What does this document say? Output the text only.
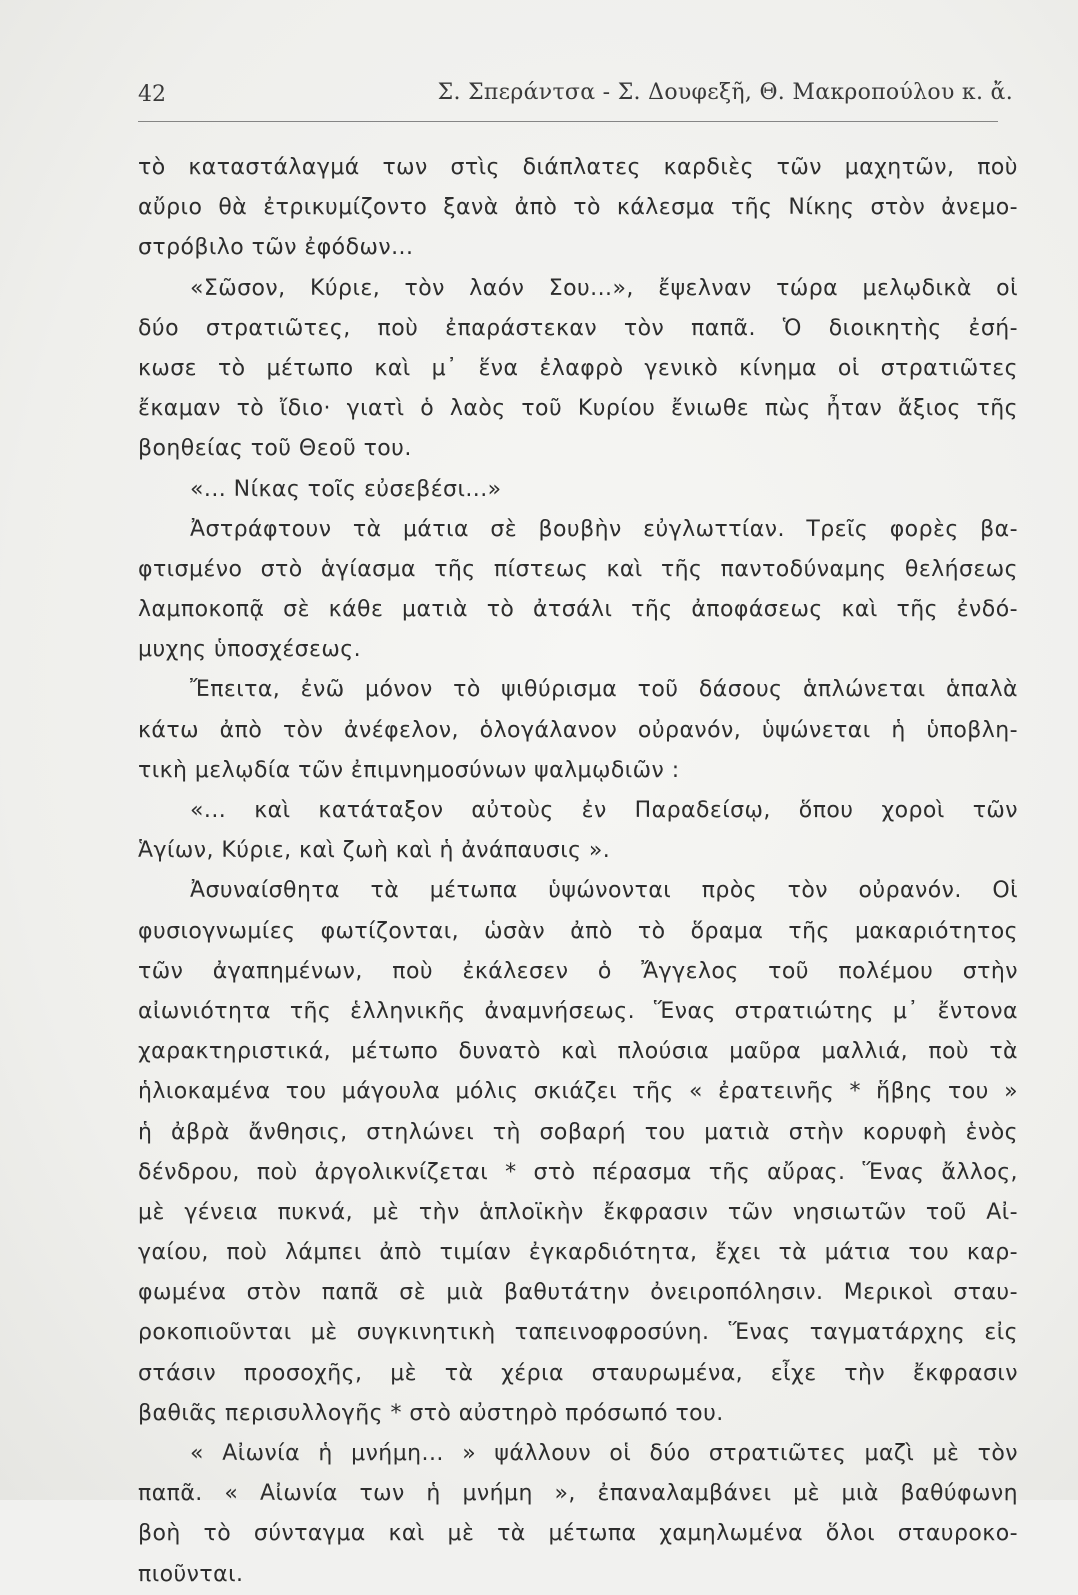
42	Σ. Σπεράντσα - Σ. Δουφεξῆ, Θ. Μακροπούλου κ. ἄ.
τὸ καταστάλαγμά των στὶς διάπλατες καρδιὲς τῶν μαχητῶν, ποὺ
αὔριο θὰ ἐτρικυμίζοντο ξανὰ ἀπὸ τὸ κάλεσμα τῆς Νίκης στὸν ἀνεμο-
στρόβιλο τῶν ἐφόδων...
«Σῶσον, Κύριε, τὸν λαόν Σου...», ἔψελναν τώρα μελῳδικὰ οἱ
δύο στρατιῶτες, ποὺ ἐπαράστεκαν τὸν παπᾶ. Ὁ διοικητὴς ἐσή-
κωσε τὸ μέτωπο καὶ μ᾽ ἕνα ἐλαφρὸ γενικὸ κίνημα οἱ στρατιῶτες
ἔκαμαν τὸ ἴδιο· γιατὶ ὁ λαὸς τοῦ Κυρίου ἔνιωθε πὼς ἦταν ἄξιος τῆς
βοηθείας τοῦ Θεοῦ του.
«... Νίκας τοῖς εὐσεβέσι...»
Ἀστράφτουν τὰ μάτια σὲ βουβὴν εὐγλωττίαν. Τρεῖς φορὲς βα-
φτισμένο στὸ ἁγίασμα τῆς πίστεως καὶ τῆς παντοδύναμης θελήσεως
λαμποκοπᾷ σὲ κάθε ματιὰ τὸ ἀτσάλι τῆς ἀποφάσεως καὶ τῆς ἐνδό-
μυχης ὑποσχέσεως.
Ἔπειτα, ἐνῶ μόνον τὸ ψιθύρισμα τοῦ δάσους ἁπλώνεται ἁπαλὰ
κάτω ἀπὸ τὸν ἀνέφελον, ὁλογάλανον οὐρανόν, ὑψώνεται ἡ ὑποβλη-
τικὴ μελῳδία τῶν ἐπιμνημοσύνων ψαλμῳδιῶν :
«... καὶ κατάταξον αὐτοὺς ἐν Παραδείσῳ, ὅπου χοροὶ τῶν
Ἁγίων, Κύριε, καὶ ζωὴ καὶ ἡ ἀνάπαυσις ».
Ἀσυναίσθητα τὰ μέτωπα ὑψώνονται πρὸς τὸν οὐρανόν. Οἱ
φυσιογνωμίες φωτίζονται, ὡσὰν ἀπὸ τὸ ὅραμα τῆς μακαριότητος
τῶν ἀγαπημένων, ποὺ ἐκάλεσεν ὁ Ἄγγελος τοῦ πολέμου στὴν
αἰωνιότητα τῆς ἑλληνικῆς ἀναμνήσεως. Ἕνας στρατιώτης μ᾽ ἔντονα
χαρακτηριστικά, μέτωπο δυνατὸ καὶ πλούσια μαῦρα μαλλιά, ποὺ τὰ
ἡλιοκαμένα του μάγουλα μόλις σκιάζει τῆς « ἐρατεινῆς * ἥβης του »
ἡ ἀβρὰ ἄνθησις, στηλώνει τὴ σοβαρή του ματιὰ στὴν κορυφὴ ἑνὸς
δένδρου, ποὺ ἀργολικνίζεται * στὸ πέρασμα τῆς αὔρας. Ἕνας ἄλλος,
μὲ γένεια πυκνά, μὲ τὴν ἁπλοϊκὴν ἔκφρασιν τῶν νησιωτῶν τοῦ Αἰ-
γαίου, ποὺ λάμπει ἀπὸ τιμίαν ἐγκαρδιότητα, ἔχει τὰ μάτια του καρ-
φωμένα στὸν παπᾶ σὲ μιὰ βαθυτάτην ὀνειροπόλησιν. Μερικοὶ σταυ-
ροκοπιοῦνται μὲ συγκινητικὴ ταπεινοφροσύνη. Ἕνας ταγματάρχης εἰς
στάσιν προσοχῆς, μὲ τὰ χέρια σταυρωμένα, εἶχε τὴν ἔκφρασιν
βαθιᾶς περισυλλογῆς * στὸ αὐστηρὸ πρόσωπό του.
« Αἰωνία ἡ μνήμη... » ψάλλουν οἱ δύο στρατιῶτες μαζὶ μὲ τὸν
παπᾶ. « Αἰωνία των ἡ μνήμη », ἐπαναλαμβάνει μὲ μιὰ βαθύφωνη
βοὴ τὸ σύνταγμα καὶ μὲ τὰ μέτωπα χαμηλωμένα ὅλοι σταυροκο-
πιοῦνται.
